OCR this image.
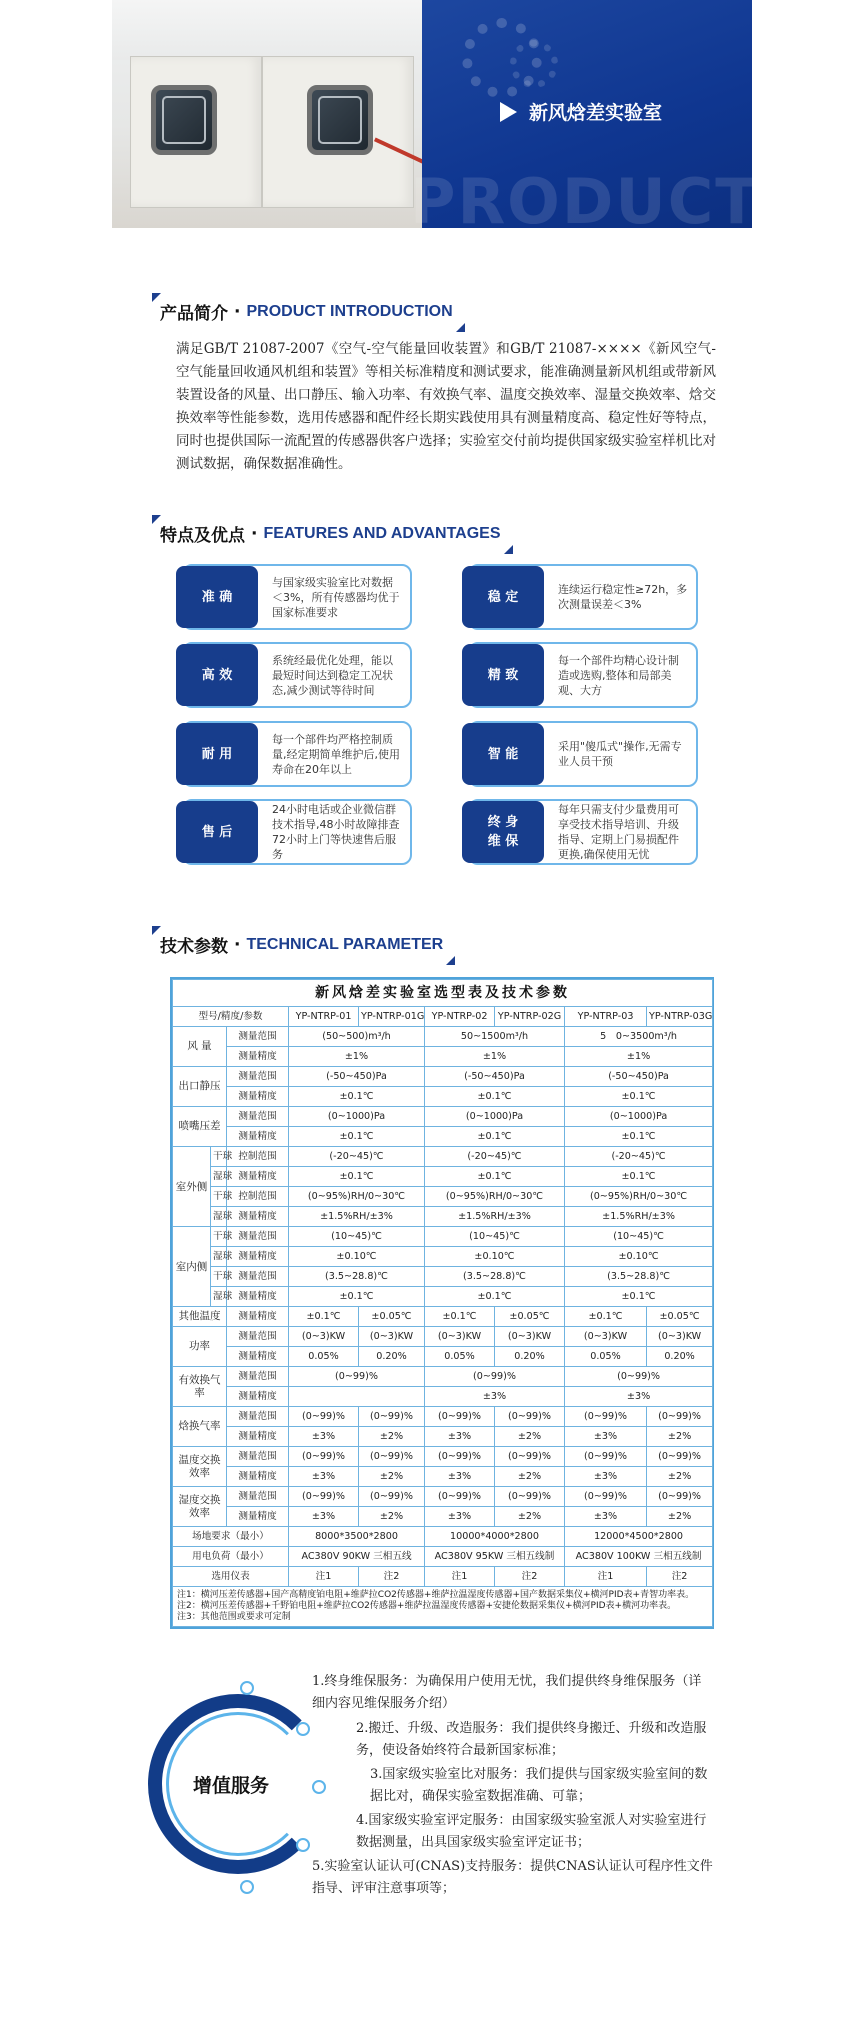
PRODUCT
新风焓差实验室
产品简介 · PRODUCT INTRODUCTION
满足GB/T 21087-2007《空气-空气能量回收装置》和GB/T 21087-××××《新风空气-空气能量回收通风机组和装置》等相关标准精度和测试要求，能准确测量新风机组或带新风装置设备的风量、出口静压、输入功率、有效换气率、温度交换效率、湿量交换效率、焓交换效率等性能参数，选用传感器和配件经长期实践使用具有测量精度高、稳定性好等特点，同时也提供国际一流配置的传感器供客户选择；实验室交付前均提供国家级实验室样机比对测试数据，确保数据准确性。
特点及优点 · FEATURES AND ADVANTAGES
准 确
与国家级实验室比对数据＜3%，所有传感器均优于国家标准要求
稳 定	连续运行稳定性≥72h，多次测量误差＜3%
高 效
系统经最优化处理，能以最短时间达到稳定工况状态,减少测试等待时间
精 致
每一个部件均精心设计制造或选购,整体和局部美观、大方
耐 用
每一个部件均严格控制质量,经定期简单维护后,使用寿命在20年以上
智 能	采用"傻瓜式"操作,无需专业人员干预
售 后
24小时电话或企业微信群技术指导,48小时故障排查72小时上门等快速售后服务
终 身
维 保
每年只需支付少量费用可享受技术指导培训、升级指导、定期上门易损配件更换,确保使用无忧
技术参数 · TECHNICAL PARAMETER
新风焓差实验室选型表及技术参数								
型号/精度/参数			YP-NTRP-01	YP-NTRP-01G	YP-NTRP-02	YP-NTRP-02G	YP-NTRP-03	YP-NTRP-03G
风 量		测量范围	(50~500)m³/h		50~1500m³/h		5　0~3500m³/h	
		测量精度	±1%		±1%		±1%	
出口静压		测量范围	(-50~450)Pa		(-50~450)Pa		(-50~450)Pa	
		测量精度	±0.1℃		±0.1℃		±0.1℃	
喷嘴压差		测量范围	(0~1000)Pa		(0~1000)Pa		(0~1000)Pa	
		测量精度	±0.1℃		±0.1℃		±0.1℃	
室外侧	干球	控制范围	(-20~45)℃		(-20~45)℃		(-20~45)℃	
	湿球	测量精度	±0.1℃		±0.1℃		±0.1℃	
	干球	控制范围	(0~95%)RH/0~30℃		(0~95%)RH/0~30℃		(0~95%)RH/0~30℃	
	湿球	测量精度	±1.5%RH/±3%		±1.5%RH/±3%		±1.5%RH/±3%	
室内侧	干球	测量范围	(10~45)℃		(10~45)℃		(10~45)℃	
	湿球	测量精度	±0.10℃		±0.10℃		±0.10℃	
	干球	测量范围	(3.5~28.8)℃		(3.5~28.8)℃		(3.5~28.8)℃	
	湿球	测量精度	±0.1℃		±0.1℃		±0.1℃	
其他温度		测量精度	±0.1℃	±0.05℃	±0.1℃	±0.05℃	±0.1℃	±0.05℃
功率		测量范围	(0~3)KW	(0~3)KW	(0~3)KW	(0~3)KW	(0~3)KW	(0~3)KW
		测量精度	0.05%	0.20%	0.05%	0.20%	0.05%	0.20%
有效换气率		测量范围	(0~99)%		(0~99)%		(0~99)%	
		测量精度			±3%		±3%	
焓换气率		测量范围	(0~99)%	(0~99)%	(0~99)%	(0~99)%	(0~99)%	(0~99)%
		测量精度	±3%	±2%	±3%	±2%	±3%	±2%
温度交换效率		测量范围	(0~99)%	(0~99)%	(0~99)%	(0~99)%	(0~99)%	(0~99)%
		测量精度	±3%	±2%	±3%	±2%	±3%	±2%
湿度交换效率		测量范围	(0~99)%	(0~99)%	(0~99)%	(0~99)%	(0~99)%	(0~99)%
		测量精度	±3%	±2%	±3%	±2%	±3%	±2%
场地要求（最小）			8000*3500*2800		10000*4000*2800		12000*4500*2800	
用电负荷（最小）			AC380V 90KW 三相五线		AC380V 95KW 三相五线制		AC380V 100KW 三相五线制	
选用仪表			注1	注2	注1	注2	注1	注2

注1：横河压差传感器+国产高精度铂电阻+维萨拉CO2传感器+维萨拉温湿度传感器+国产数据采集仪+横河PID表+青智功率表。
注2：横河压差传感器+千野铂电阻+维萨拉CO2传感器+维萨拉温湿度传感器+安捷伦数据采集仪+横河PID表+横河功率表。
注3：其他范围或要求可定制								
增值服务
1.终身维保服务：为确保用户使用无忧，我们提供终身维保服务（详细内容见维保服务介绍）
2.搬迁、升级、改造服务：我们提供终身搬迁、升级和改造服务，使设备始终符合最新国家标准；
3.国家级实验室比对服务：我们提供与国家级实验室间的数据比对，确保实验室数据准确、可靠；
4.国家级实验室评定服务：由国家级实验室派人对实验室进行数据测量，出具国家级实验室评定证书；
5.实验室认证认可(CNAS)支持服务：提供CNAS认证认可程序性文件指导、评审注意事项等；
